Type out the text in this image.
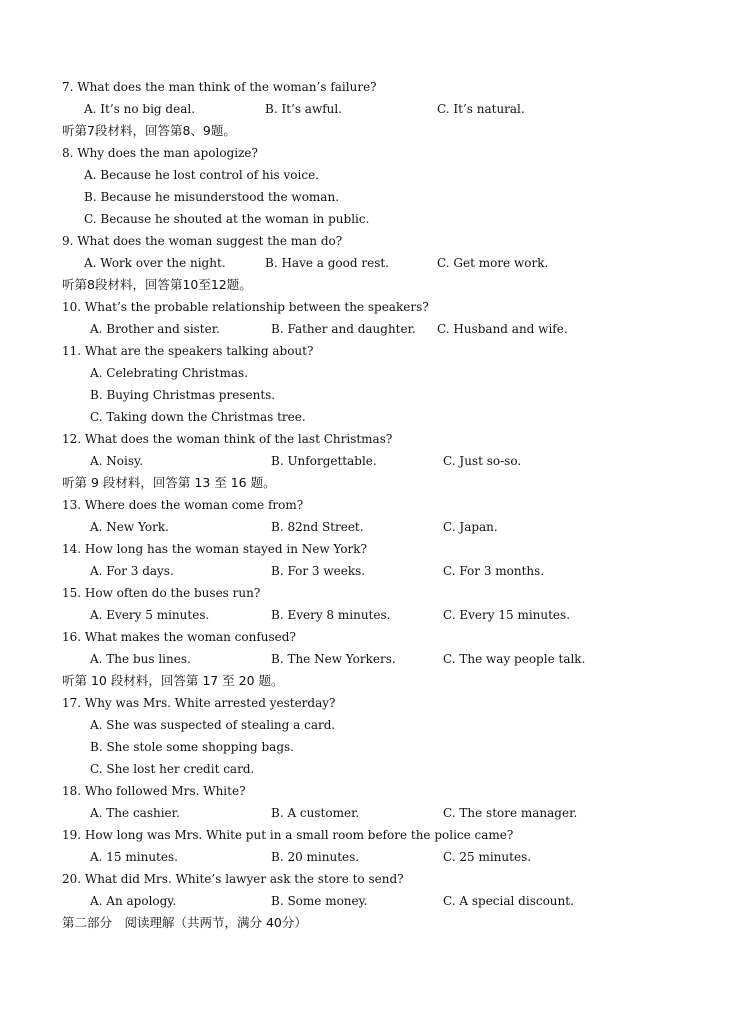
7. What does the man think of the woman’s failure?
A. It’s no big deal.	B. It’s awful.	C. It’s natural.
听第7段材料，回答第8、9题。
8. Why does the man apologize?
A. Because he lost control of his voice.
B. Because he misunderstood the woman.
C. Because he shouted at the woman in public.
9. What does the woman suggest the man do?
A. Work over the night.	B. Have a good rest.	C. Get more work.
听第8段材料，回答第10至12题。
10. What’s the probable relationship between the speakers?
A. Brother and sister.	B. Father and daughter. C. Husband and wife.
11. What are the speakers talking about?
A. Celebrating Christmas.
B. Buying Christmas presents.
C. Taking down the Christmas tree.
12. What does the woman think of the last Christmas?
A. Noisy.	B. Unforgettable.	C. Just so-so.
听第 9 段材料，回答第 13 至 16 题。
13. Where does the woman come from?
A. New York.	B. 82nd Street.	C. Japan.
14. How long has the woman stayed in New York?
A. For 3 days.	B. For 3 weeks.	C. For 3 months.
15. How often do the buses run?
A. Every 5 minutes.	B. Every 8 minutes.	C. Every 15 minutes.
16. What makes the woman confused?
A. The bus lines.	B. The New Yorkers.	C. The way people talk.
听第 10 段材料，回答第 17 至 20 题。
17. Why was Mrs. White arrested yesterday?
A. She was suspected of stealing a card.
B. She stole some shopping bags.
C. She lost her credit card.
18. Who followed Mrs. White?
A. The cashier.	B. A customer.	C. The store manager.
19. How long was Mrs. White put in a small room before the police came?
A. 15 minutes.	B. 20 minutes.	C. 25 minutes.
20. What did Mrs. White’s lawyer ask the store to send?
A. An apology.	B. Some money.	C. A special discount.
第二部分　阅读理解（共两节，满分 40分）
